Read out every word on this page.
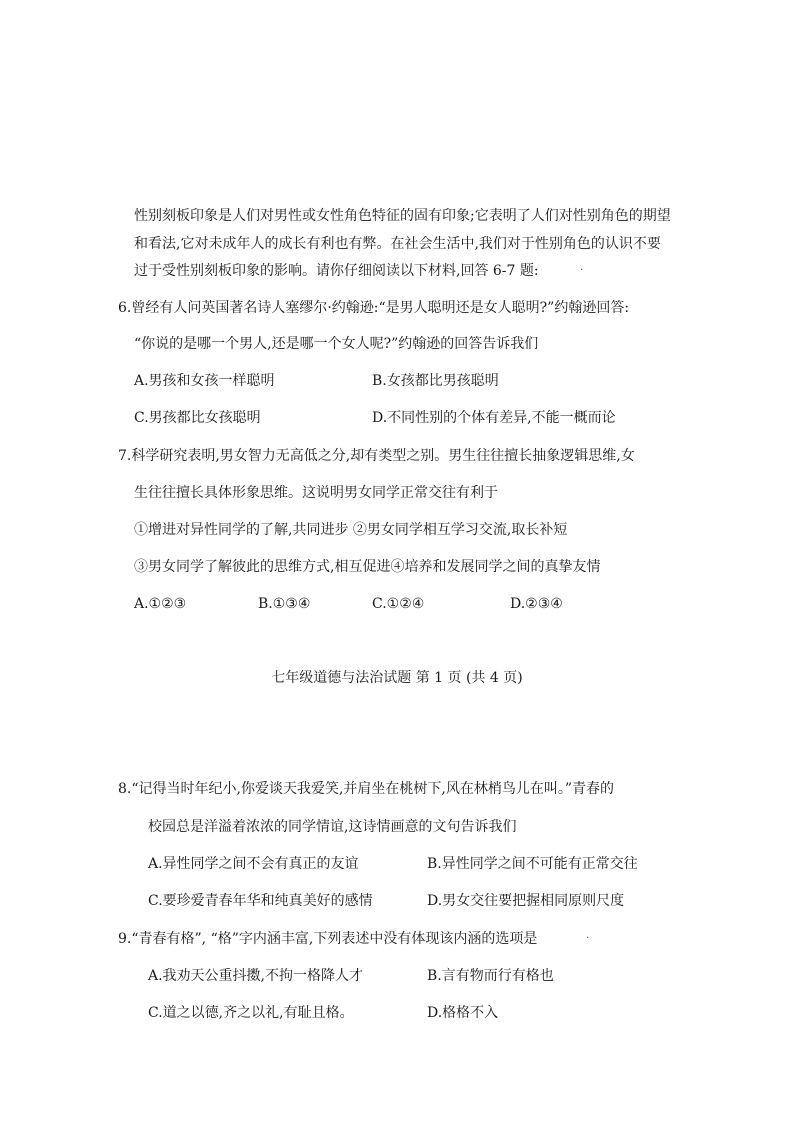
性别刻板印象是人们对男性或女性角色特征的固有印象;它表明了人们对性别角色的期望

和看法,它对未成年人的成长有利也有弊。在社会生活中,我们对于性别角色的认识不要

过于受性别刻板印象的影响。请你仔细阅读以下材料,回答 6-7 题:	·

6.曾经有人问英国著名诗人塞缪尔·约翰逊:“是男人聪明还是女人聪明?”约翰逊回答:

“你说的是哪一个男人,还是哪一个女人呢?”约翰逊的回答告诉我们

A.男孩和女孩一样聪明	B.女孩都比男孩聪明

C.男孩都比女孩聪明	D.不同性别的个体有差异,不能一概而论

7.科学研究表明,男女智力无高低之分,却有类型之别。男生往往擅长抽象逻辑思维,女

生往往擅长具体形象思维。这说明男女同学正常交往有利于

①增进对异性同学的了解,共同进步 ②男女同学相互学习交流,取长补短

③男女同学了解彼此的思维方式,相互促进④培养和发展同学之间的真挚友情

A.①②③	B.①③④	C.①②④	D.②③④

七年级道德与法治试题 第 1 页 (共 4 页)

8.“记得当时年纪小,你爱谈天我爱笑,并肩坐在桃树下,风在林梢鸟儿在叫。”青春的

校园总是洋溢着浓浓的同学情谊,这诗情画意的文句告诉我们

A.异性同学之间不会有真正的友谊	B.异性同学之间不可能有正常交往

C.要珍爱青春年华和纯真美好的感情	D.男女交往要把握相同原则尺度

9.“青春有格”, “格”字内涵丰富,下列表述中没有体现该内涵的选项是	·

A.我劝天公重抖擞,不拘一格降人才	B.言有物而行有格也

C.道之以德,齐之以礼,有耻且格。	D.格格不入
